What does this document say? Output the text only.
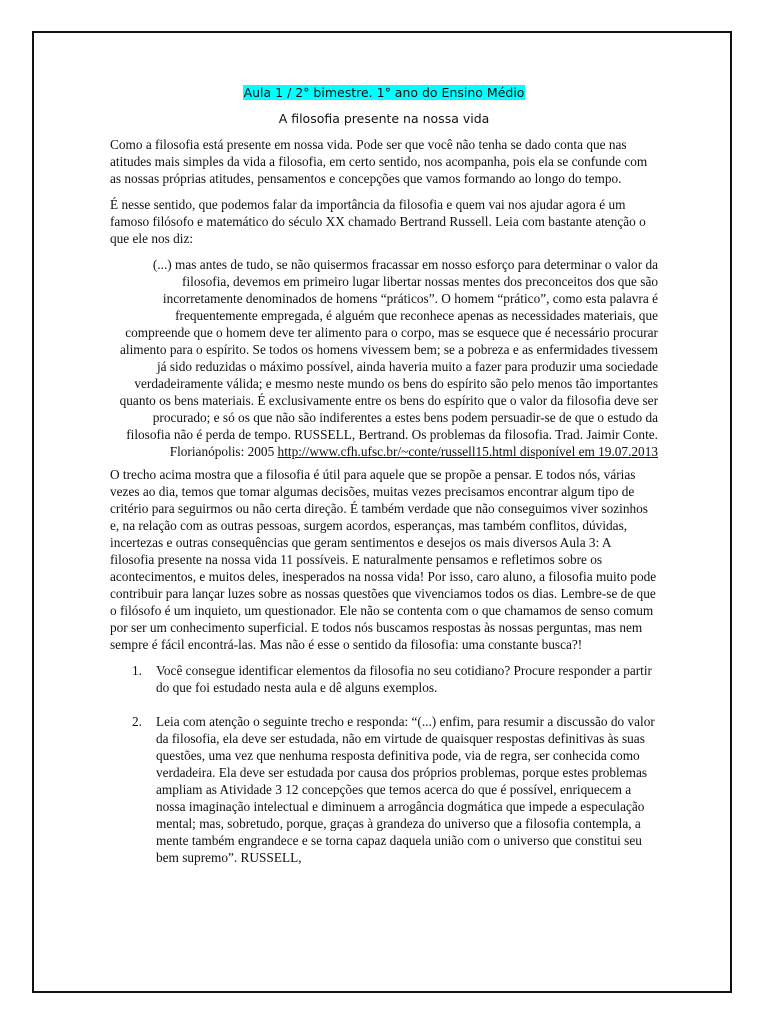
Aula 1 / 2° bimestre. 1° ano do Ensino Médio
A filosofia presente na nossa vida

Como a filosofia está presente em nossa vida. Pode ser que você não tenha se dado conta que nas atitudes mais simples da vida a filosofia, em certo sentido, nos acompanha, pois ela se confunde com as nossas próprias atitudes, pensamentos e concepções que vamos formando ao longo do tempo.

É nesse sentido, que podemos falar da importância da filosofia e quem vai nos ajudar agora é um famoso filósofo e matemático do século XX chamado Bertrand Russell. Leia com bastante atenção o que ele nos diz:

(...) mas antes de tudo, se não quisermos fracassar em nosso esforço para determinar o valor da filosofia, devemos em primeiro lugar libertar nossas mentes dos preconceitos dos que são incorretamente denominados de homens “práticos”. O homem “prático”, como esta palavra é frequentemente empregada, é alguém que reconhece apenas as necessidades materiais, que compreende que o homem deve ter alimento para o corpo, mas se esquece que é necessário procurar alimento para o espírito. Se todos os homens vivessem bem; se a pobreza e as enfermidades tivessem já sido reduzidas o máximo possível, ainda haveria muito a fazer para produzir uma sociedade verdadeiramente válida; e mesmo neste mundo os bens do espírito são pelo menos tão importantes quanto os bens materiais. É exclusivamente entre os bens do espírito que o valor da filosofia deve ser procurado; e só os que não são indiferentes a estes bens podem persuadir-se de que o estudo da filosofia não é perda de tempo. RUSSELL, Bertrand. Os problemas da filosofia. Trad. Jaimir Conte. Florianópolis: 2005 http://www.cfh.ufsc.br/~conte/russell15.html disponível em 19.07.2013

O trecho acima mostra que a filosofia é útil para aquele que se propõe a pensar. E todos nós, várias vezes ao dia, temos que tomar algumas decisões, muitas vezes precisamos encontrar algum tipo de critério para seguirmos ou não certa direção. É também verdade que não conseguimos viver sozinhos e, na relação com as outras pessoas, surgem acordos, esperanças, mas também conflitos, dúvidas, incertezas e outras consequências que geram sentimentos e desejos os mais diversos Aula 3: A filosofia presente na nossa vida 11 possíveis. E naturalmente pensamos e refletimos sobre os acontecimentos, e muitos deles, inesperados na nossa vida! Por isso, caro aluno, a filosofia muito pode contribuir para lançar luzes sobre as nossas questões que vivenciamos todos os dias. Lembre-se de que o filósofo é um inquieto, um questionador. Ele não se contenta com o que chamamos de senso comum por ser um conhecimento superficial. E todos nós buscamos respostas às nossas perguntas, mas nem sempre é fácil encontrá-las. Mas não é esse o sentido da filosofia: uma constante busca?!

1.	Você consegue identificar elementos da filosofia no seu cotidiano? Procure responder a partir do que foi estudado nesta aula e dê alguns exemplos.
2.	Leia com atenção o seguinte trecho e responda: “(...) enfim, para resumir a discussão do valor da filosofia, ela deve ser estudada, não em virtude de quaisquer respostas definitivas às suas questões, uma vez que nenhuma resposta definitiva pode, via de regra, ser conhecida como verdadeira. Ela deve ser estudada por causa dos próprios problemas, porque estes problemas ampliam as Atividade 3 12 concepções que temos acerca do que é possível, enriquecem a nossa imaginação intelectual e diminuem a arrogância dogmática que impede a especulação mental; mas, sobretudo, porque, graças à grandeza do universo que a filosofia contempla, a mente também engrandece e se torna capaz daquela união com o universo que constitui seu bem supremo”. RUSSELL,
